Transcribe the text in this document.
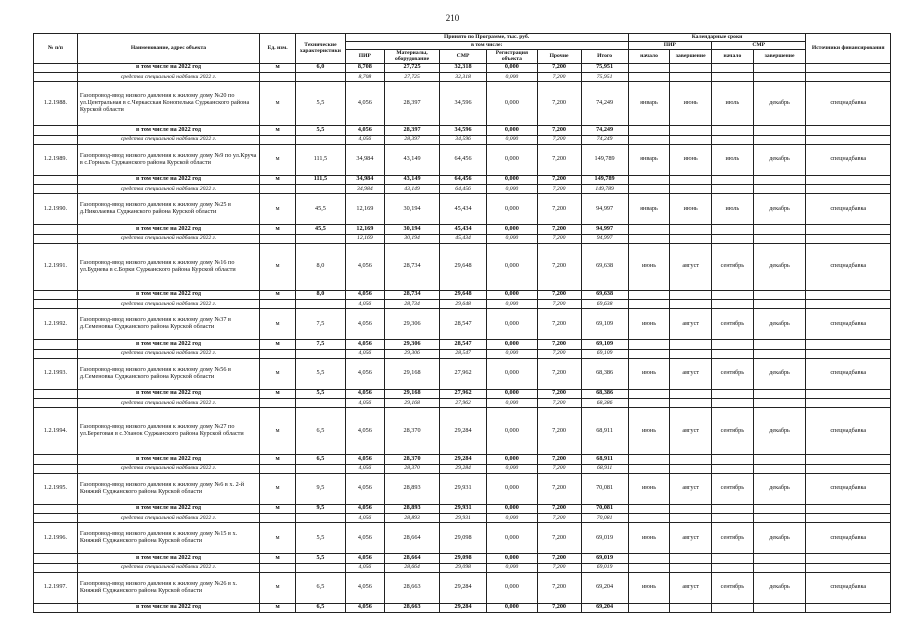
210
№ п/п	Наименование, адрес объекта	Ед. изм.	Технические характеристики	Принято по Программе, тыс. руб.						Календарные сроки				Источники финансирования
				в том числе:						ПИР		СМР		
				ПИР	Материалы, оборудование	СМР	Регистрация объекта	Прочие	Итого	начало	завершение	начало	завершение	
	в том числе на 2022 год	м	6,0	8,708	27,725	32,318	0,000	7,200	75,951					
	средства специальной надбавки 2022 г.			8,708	27,725	32,318	0,000	7,200	75,951					
1.2.1988.	Газопровод-ввод низкого давления к жилому дому №20 по ул.Центральная в с.Черкасская Конопелька Суджанского района Курской области	м	5,5	4,056	28,397	34,596	0,000	7,200	74,249	январь	июнь	июль	декабрь	спецнадбавка
	в том числе на 2022 год	м	5,5	4,056	28,397	34,596	0,000	7,200	74,249					
	средства специальной надбавки 2022 г.			4,056	28,397	34,596	0,000	7,200	74,249					
1.2.1989.	Газопровод-ввод низкого давления к жилому дому №9 по ул.Круча в с.Горналь Суджанского района Курской области	м	111,5	34,984	43,149	64,456	0,000	7,200	149,789	январь	июнь	июль	декабрь	спецнадбавка
	в том числе на 2022 год	м	111,5	34,984	43,149	64,456	0,000	7,200	149,789					
	средства специальной надбавки 2022 г.			34,984	43,149	64,456	0,000	7,200	149,789					
1.2.1990.	Газопровод-ввод низкого давления к жилому дому №25 в д.Николаевка Суджанского района Курской области	м	45,5	12,169	30,194	45,434	0,000	7,200	94,997	январь	июнь	июль	декабрь	спецнадбавка
	в том числе на 2022 год	м	45,5	12,169	30,194	45,434	0,000	7,200	94,997					
	средства специальной надбавки 2022 г.			12,169	30,194	45,434	0,000	7,200	94,997					
1.2.1991.	Газопровод-ввод низкого давления к жилому дому №16 по ул.Буднева в с.Борки Суджанского района Курской области	м	8,0	4,056	28,734	29,648	0,000	7,200	69,638	июнь	август	сентябрь	декабрь	спецнадбавка
	в том числе на 2022 год	м	8,0	4,056	28,734	29,648	0,000	7,200	69,638					
	средства специальной надбавки 2022 г.			4,056	28,734	29,648	0,000	7,200	69,638					
1.2.1992.	Газопровод-ввод низкого давления к жилому дому №37 в д.Семеновка Суджанского района Курской области	м	7,5	4,056	29,306	28,547	0,000	7,200	69,109	июнь	август	сентябрь	декабрь	спецнадбавка
	в том числе на 2022 год	м	7,5	4,056	29,306	28,547	0,000	7,200	69,109					
	средства специальной надбавки 2022 г.			4,056	29,306	28,547	0,000	7,200	69,109					
1.2.1993.	Газопровод-ввод низкого давления к жилому дому №56 в д.Семеновка Суджанского района Курской области	м	5,5	4,056	29,168	27,962	0,000	7,200	68,386	июнь	август	сентябрь	декабрь	спецнадбавка
	в том числе на 2022 год	м	5,5	4,056	29,168	27,962	0,000	7,200	68,386					
	средства специальной надбавки 2022 г.			4,056	29,168	27,962	0,000	7,200	68,386					
1.2.1994.	Газопровод-ввод низкого давления к жилому дому №27 по ул.Береговая в с.Уланок Суджанского района Курской области	м	6,5	4,056	28,370	29,284	0,000	7,200	68,911	июнь	август	сентябрь	декабрь	спецнадбавка
	в том числе на 2022 год	м	6,5	4,056	28,370	29,284	0,000	7,200	68,911					
	средства специальной надбавки 2022 г.			4,056	28,370	29,284	0,000	7,200	68,911					
1.2.1995.	Газопровод-ввод низкого давления к жилому дому №6 в х. 2-й Княжий Суджанского района Курской области	м	9,5	4,056	28,893	29,931	0,000	7,200	70,081	июнь	август	сентябрь	декабрь	спецнадбавка
	в том числе на 2022 год	м	9,5	4,056	28,893	29,931	0,000	7,200	70,081					
	средства специальной надбавки 2022 г.			4,056	28,893	29,931	0,000	7,200	70,081					
1.2.1996.	Газопровод-ввод низкого давления к жилому дому №15 в х. Княжий Суджанского района Курской области	м	5,5	4,056	28,664	29,098	0,000	7,200	69,019	июнь	август	сентябрь	декабрь	спецнадбавка
	в том числе на 2022 год	м	5,5	4,056	28,664	29,098	0,000	7,200	69,019					
	средства специальной надбавки 2022 г.			4,056	28,664	29,098	0,000	7,200	69,019					
1.2.1997.	Газопровод-ввод низкого давления к жилому дому №26 в х. Княжий Суджанского района Курской области	м	6,5	4,056	28,663	29,284	0,000	7,200	69,204	июнь	август	сентябрь	декабрь	спецнадбавка
	в том числе на 2022 год	м	6,5	4,056	28,663	29,284	0,000	7,200	69,204					
